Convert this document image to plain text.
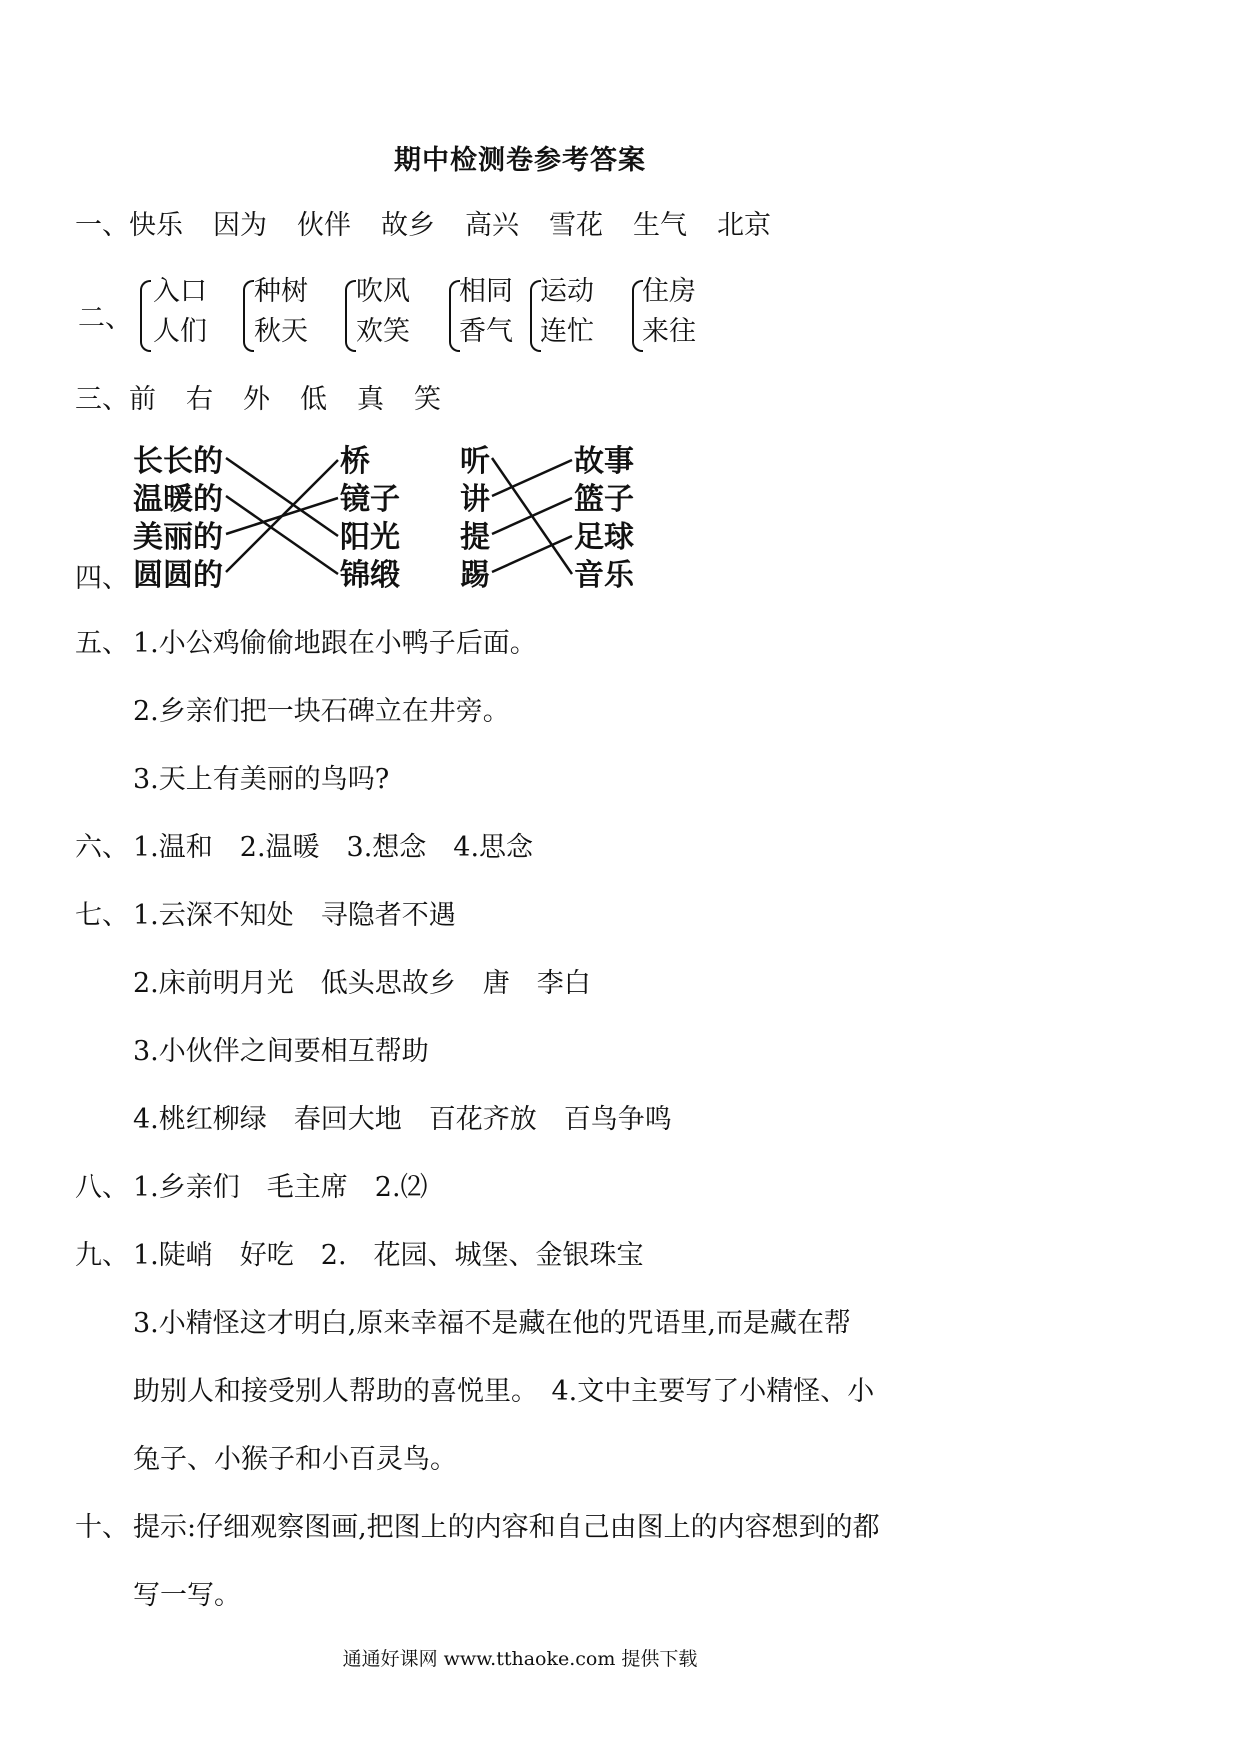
期中检测卷参考答案
一、快乐 因为 伙伴 故乡 高兴 雪花 生气 北京
二、
入口
人们
种树
秋天
吹风
欢笑
相同
香气
运动
连忙
住房
来往
三、前 右 外 低 真 笑
四、
长长的
温暖的
美丽的
圆圆的
桥
镜子
阳光
锦缎
听
讲
提
踢
故事
篮子
足球
音乐
五、 1.小公鸡偷偷地跟在小鸭子后面。
2.乡亲们把一块石碑立在井旁。
3.天上有美丽的鸟吗?
六、 1.温和　2.温暖　3.想念　4.思念
七、 1.云深不知处　寻隐者不遇
2.床前明月光　低头思故乡　唐　李白
3.小伙伴之间要相互帮助
4.桃红柳绿　春回大地　百花齐放　百鸟争鸣
八、 1.乡亲们　毛主席　2.⑵
九、 1.陡峭　好吃　2.　花园、城堡、金银珠宝
3.小精怪这才明白,原来幸福不是藏在他的咒语里,而是藏在帮
助别人和接受别人帮助的喜悦里。　4.文中主要写了小精怪、小
兔子、小猴子和小百灵鸟。
十、 提示:仔细观察图画,把图上的内容和自己由图上的内容想到的都
写一写。
通通好课网 www.tthaoke.com 提供下载
